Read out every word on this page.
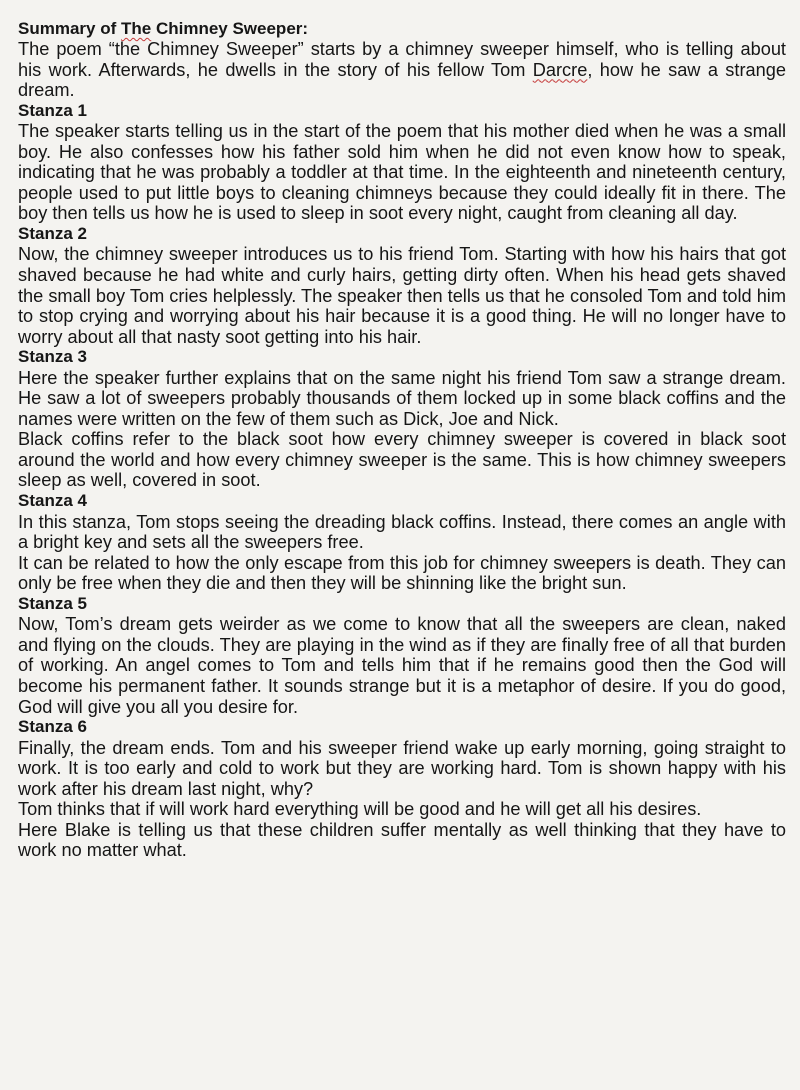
Summary of The Chimney Sweeper:

The poem “the Chimney Sweeper” starts by a chimney sweeper himself, who is telling about his work. Afterwards, he dwells in the story of his fellow Tom Darcre, how he saw a strange dream.

Stanza 1

The speaker starts telling us in the start of the poem that his mother died when he was a small boy. He also confesses how his father sold him when he did not even know how to speak, indicating that he was probably a toddler at that time. In the eighteenth and nineteenth century, people used to put little boys to cleaning chimneys because they could ideally fit in there. The boy then tells us how he is used to sleep in soot every night, caught from cleaning all day.

Stanza 2

Now, the chimney sweeper introduces us to his friend Tom. Starting with how his hairs that got shaved because he had white and curly hairs, getting dirty often. When his head gets shaved the small boy Tom cries helplessly. The speaker then tells us that he consoled Tom and told him to stop crying and worrying about his hair because it is a good thing. He will no longer have to worry about all that nasty soot getting into his hair.

Stanza 3

Here the speaker further explains that on the same night his friend Tom saw a strange dream. He saw a lot of sweepers probably thousands of them locked up in some black coffins and the names were written on the few of them such as Dick, Joe and Nick.

Black coffins refer to the black soot how every chimney sweeper is covered in black soot around the world and how every chimney sweeper is the same. This is how chimney sweepers sleep as well, covered in soot.

Stanza 4

In this stanza, Tom stops seeing the dreading black coffins. Instead, there comes an angle with a bright key and sets all the sweepers free.

It can be related to how the only escape from this job for chimney sweepers is death. They can only be free when they die and then they will be shinning like the bright sun.

Stanza 5

Now, Tom’s dream gets weirder as we come to know that all the sweepers are clean, naked and flying on the clouds. They are playing in the wind as if they are finally free of all that burden of working. An angel comes to Tom and tells him that if he remains good then the God will become his permanent father. It sounds strange but it is a metaphor of desire. If you do good, God will give you all you desire for.

Stanza 6

Finally, the dream ends. Tom and his sweeper friend wake up early morning, going straight to work. It is too early and cold to work but they are working hard. Tom is shown happy with his work after his dream last night, why?

Tom thinks that if will work hard everything will be good and he will get all his desires.

Here Blake is telling us that these children suffer mentally as well thinking that they have to work no matter what.
